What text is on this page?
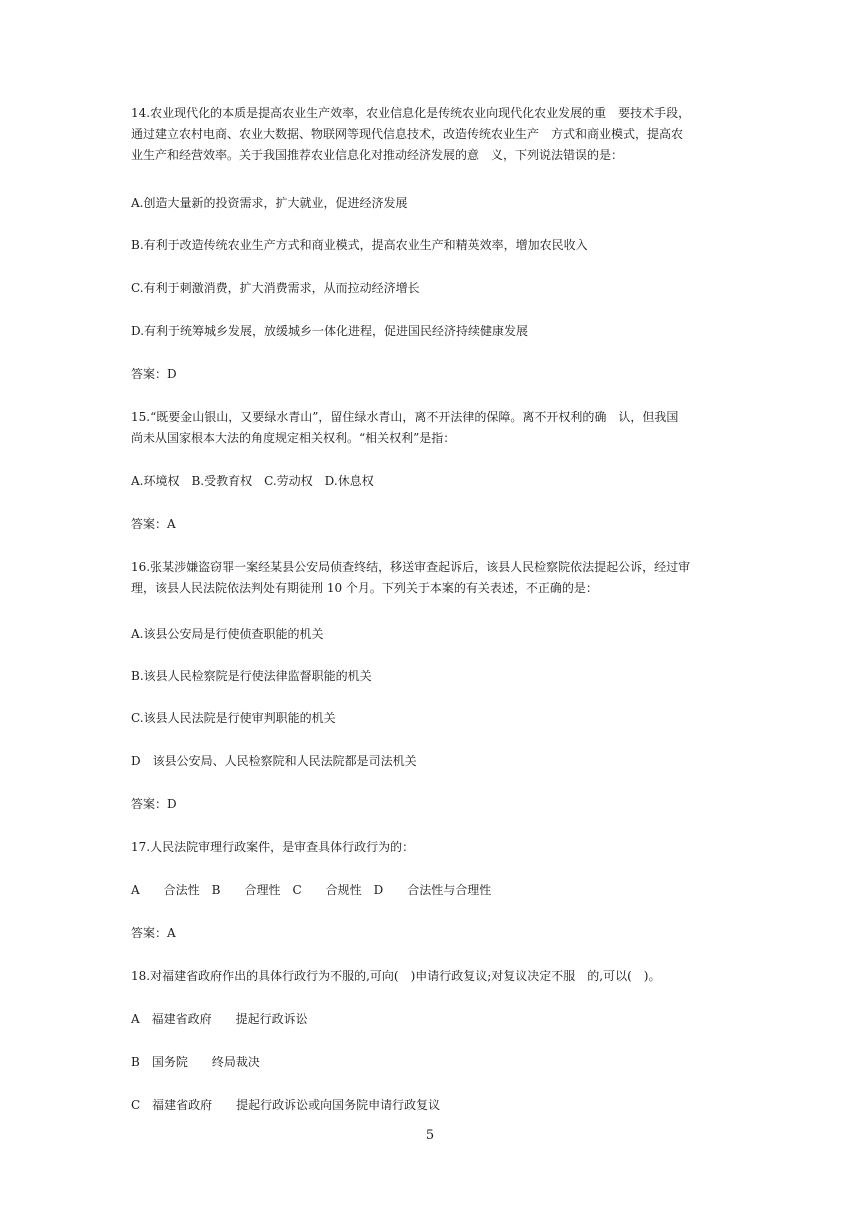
14.农业现代化的本质是提高农业生产效率，农业信息化是传统农业向现代化农业发展的重　要技术手段，
通过建立农村电商、农业大数据、物联网等现代信息技术，改造传统农业生产　方式和商业模式，提高农
业生产和经营效率。关于我国推荐农业信息化对推动经济发展的意　义，下列说法错误的是：
A.创造大量新的投资需求，扩大就业，促进经济发展
B.有利于改造传统农业生产方式和商业模式，提高农业生产和精英效率，增加农民收入
C.有利于刺激消费，扩大消费需求，从而拉动经济增长
D.有利于统筹城乡发展，放缓城乡一体化进程，促进国民经济持续健康发展
答案：D
15.“既要金山银山，又要绿水青山”，留住绿水青山，离不开法律的保障。离不开权利的确　认，但我国
尚未从国家根本大法的角度规定相关权利。“相关权利”是指：
A.环境权　B.受教育权　C.劳动权　D.休息权
答案：A
16.张某涉嫌盗窃罪一案经某县公安局侦查终结，移送审查起诉后，该县人民检察院依法提起公诉，经过审
理，该县人民法院依法判处有期徒刑 10 个月。下列关于本案的有关表述，不正确的是：
A.该县公安局是行使侦查职能的机关
B.该县人民检察院是行使法律监督职能的机关
C.该县人民法院是行使审判职能的机关
D　该县公安局、人民检察院和人民法院都是司法机关
答案：D
17.人民法院审理行政案件，是审查具体行政行为的：
A　　合法性　B　　合理性　C　　合规性　D　　合法性与合理性
答案：A
18.对福建省政府作出的具体行政行为不服的,可向(　)申请行政复议;对复议决定不服　的,可以(　)。
A　福建省政府　　提起行政诉讼
B　国务院　　终局裁决
C　福建省政府　　提起行政诉讼或向国务院申请行政复议
5
